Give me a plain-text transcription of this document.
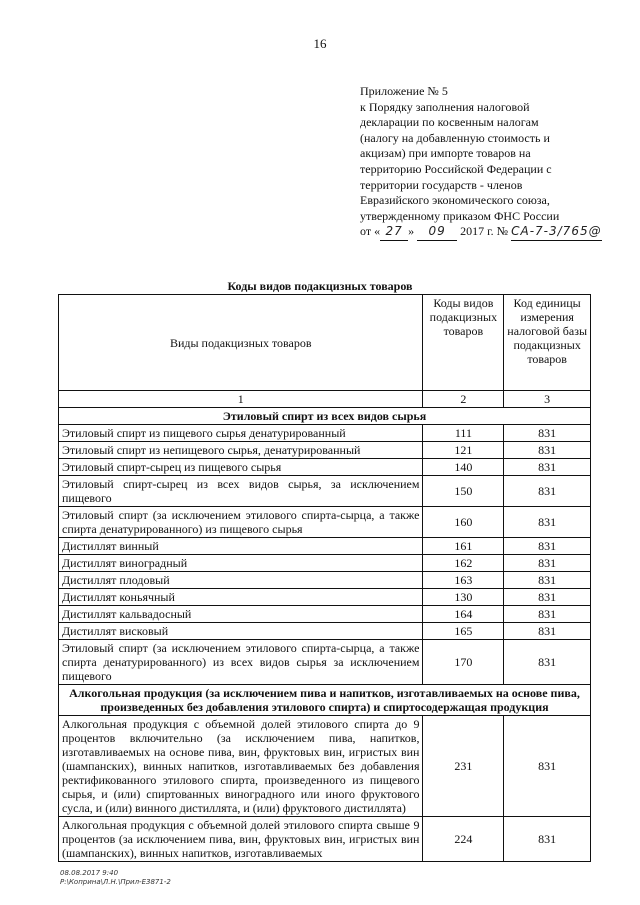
16
Приложение № 5
к Порядку заполнения налоговой
декларации по косвенным налогам
(налогу на добавленную стоимость и
акцизам) при импорте товаров на
территорию Российской Федерации с
территории государств - членов
Евразийского экономического союза,
утвержденному приказом ФНС России
от « 27 » 09 2017 г. № СА-7-3/765@
Коды видов подакцизных товаров
Виды подакцизных товаров	Коды видов подакцизных товаров	Код единицы измерения налоговой базы подакцизных товаров
1	2	3
Этиловый спирт из всех видов сырья		
Этиловый спирт из пищевого сырья денатурированный	111	831
Этиловый спирт из непищевого сырья, денатурированный	121	831
Этиловый спирт-сырец из пищевого сырья	140	831
Этиловый спирт-сырец из всех видов сырья, за исключением пищевого	150	831
Этиловый спирт (за исключением этилового спирта-сырца, а также спирта денатурированного) из пищевого сырья	160	831
Дистиллят винный	161	831
Дистиллят виноградный	162	831
Дистиллят плодовый	163	831
Дистиллят коньячный	130	831
Дистиллят кальвадосный	164	831
Дистиллят висковый	165	831
Этиловый спирт (за исключением этилового спирта-сырца, а также спирта денатурированного) из всех видов сырья за исключением пищевого	170	831
Алкогольная продукция (за исключением пива и напитков, изготавливаемых на основе пива, произведенных без добавления этилового спирта) и спиртосодержащая продукция		
Алкогольная продукция с объемной долей этилового спирта до 9 процентов включительно (за исключением пива, напитков, изготавливаемых на основе пива, вин, фруктовых вин, игристых вин (шампанских), винных напитков, изготавливаемых без добавления ректификованного этилового спирта, произведенного из пищевого сырья, и (или) спиртованных виноградного или иного фруктового сусла, и (или) винного дистиллята, и (или) фруктового дистиллята)	231	831
Алкогольная продукция с объемной долей этилового спирта свыше 9 процентов (за исключением пива, вин, фруктовых вин, игристых вин (шампанских), винных напитков, изготавливаемых	224	831
08.08.2017 9:40
Р:\Коприна\Л.Н.\Прил-Е3871-2
